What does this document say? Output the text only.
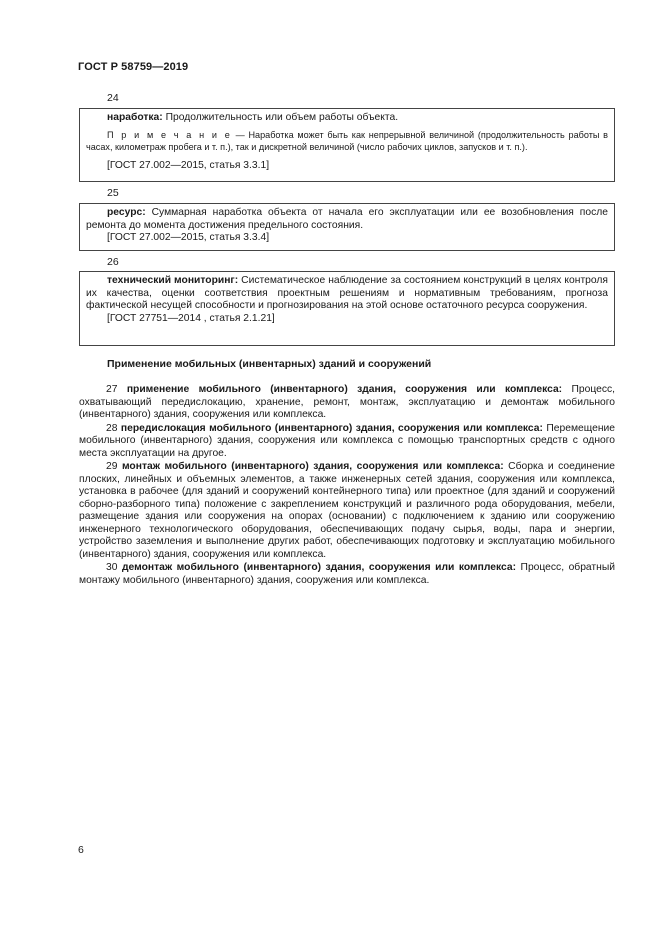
ГОСТ Р 58759—2019
24

наработка: Продолжительность или объем работы объекта.

П р и м е ч а н и е — Наработка может быть как непрерывной величиной (продолжительность работы в часах, километраж пробега и т. п.), так и дискретной величиной (число рабочих циклов, запусков и т. п.).

[ГОСТ 27.002—2015, статья 3.3.1]

25

ресурс: Суммарная наработка объекта от начала его эксплуатации или ее возобновления после ремонта до момента достижения предельного состояния.

[ГОСТ 27.002—2015, статья 3.3.4]

26

технический мониторинг: Систематическое наблюдение за состоянием конструкций в целях контроля их качества, оценки соответствия проектным решениям и нормативным требованиям, прогноза фактической несущей способности и прогнозирования на этой основе остаточного ресурса сооружения.

[ГОСТ 27751—2014 , статья 2.1.21]

Применение мобильных (инвентарных) зданий и сооружений

27 применение мобильного (инвентарного) здания, сооружения или комплекса: Процесс, охватывающий передислокацию, хранение, ремонт, монтаж, эксплуатацию и демонтаж мобильного (инвентарного) здания, сооружения или комплекса.

28 передислокация мобильного (инвентарного) здания, сооружения или комплекса: Перемещение мобильного (инвентарного) здания, сооружения или комплекса с помощью транспортных средств с одного места эксплуатации на другое.

29 монтаж мобильного (инвентарного) здания, сооружения или комплекса: Сборка и соединение плоских, линейных и объемных элементов, а также инженерных сетей здания, сооружения или комплекса, установка в рабочее (для зданий и сооружений контейнерного типа) или проектное (для зданий и сооружений сборно-разборного типа) положение с закреплением конструкций и различного рода оборудования, мебели, размещение здания или сооружения на опорах (основании) с подключением к зданию или сооружению инженерного технологического оборудования, обеспечивающих подачу сырья, воды, пара и энергии, устройство заземления и выполнение других работ, обеспечивающих подготовку и эксплуатацию мобильного (инвентарного) здания, сооружения или комплекса.

30 демонтаж мобильного (инвентарного) здания, сооружения или комплекса: Процесс, обратный монтажу мобильного (инвентарного) здания, сооружения или комплекса.

6
